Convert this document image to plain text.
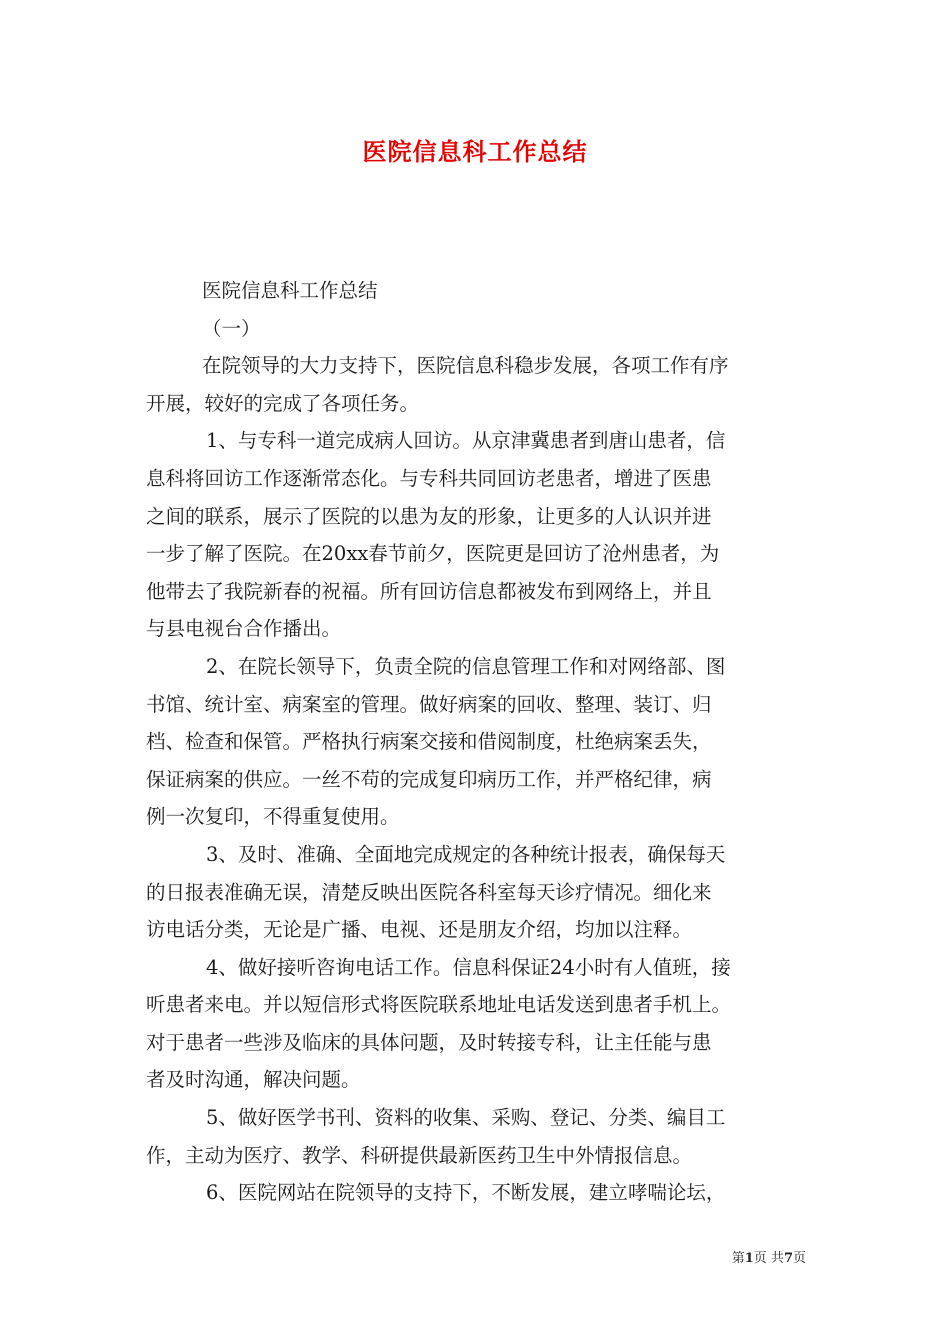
医院信息科工作总结
医院信息科工作总结
（一）
在院领导的大力支持下，医院信息科稳步发展，各项工作有序
开展，较好的完成了各项任务。
1、与专科一道完成病人回访。从京津冀患者到唐山患者，信
息科将回访工作逐渐常态化。与专科共同回访老患者，增进了医患
之间的联系，展示了医院的以患为友的形象，让更多的人认识并进
一步了解了医院。在20xx春节前夕，医院更是回访了沧州患者，为
他带去了我院新春的祝福。所有回访信息都被发布到网络上，并且
与县电视台合作播出。
2、在院长领导下，负责全院的信息管理工作和对网络部、图
书馆、统计室、病案室的管理。做好病案的回收、整理、装订、归
档、检查和保管。严格执行病案交接和借阅制度，杜绝病案丢失，
保证病案的供应。一丝不苟的完成复印病历工作，并严格纪律，病
例一次复印，不得重复使用。
3、及时、准确、全面地完成规定的各种统计报表，确保每天
的日报表准确无误，清楚反映出医院各科室每天诊疗情况。细化来
访电话分类，无论是广播、电视、还是朋友介绍，均加以注释。
4、做好接听咨询电话工作。信息科保证24小时有人值班，接
听患者来电。并以短信形式将医院联系地址电话发送到患者手机上。
对于患者一些涉及临床的具体问题，及时转接专科，让主任能与患
者及时沟通，解决问题。
5、做好医学书刊、资料的收集、采购、登记、分类、编目工
作，主动为医疗、教学、科研提供最新医药卫生中外情报信息。
6、医院网站在院领导的支持下，不断发展，建立哮喘论坛，
第1页 共7页
